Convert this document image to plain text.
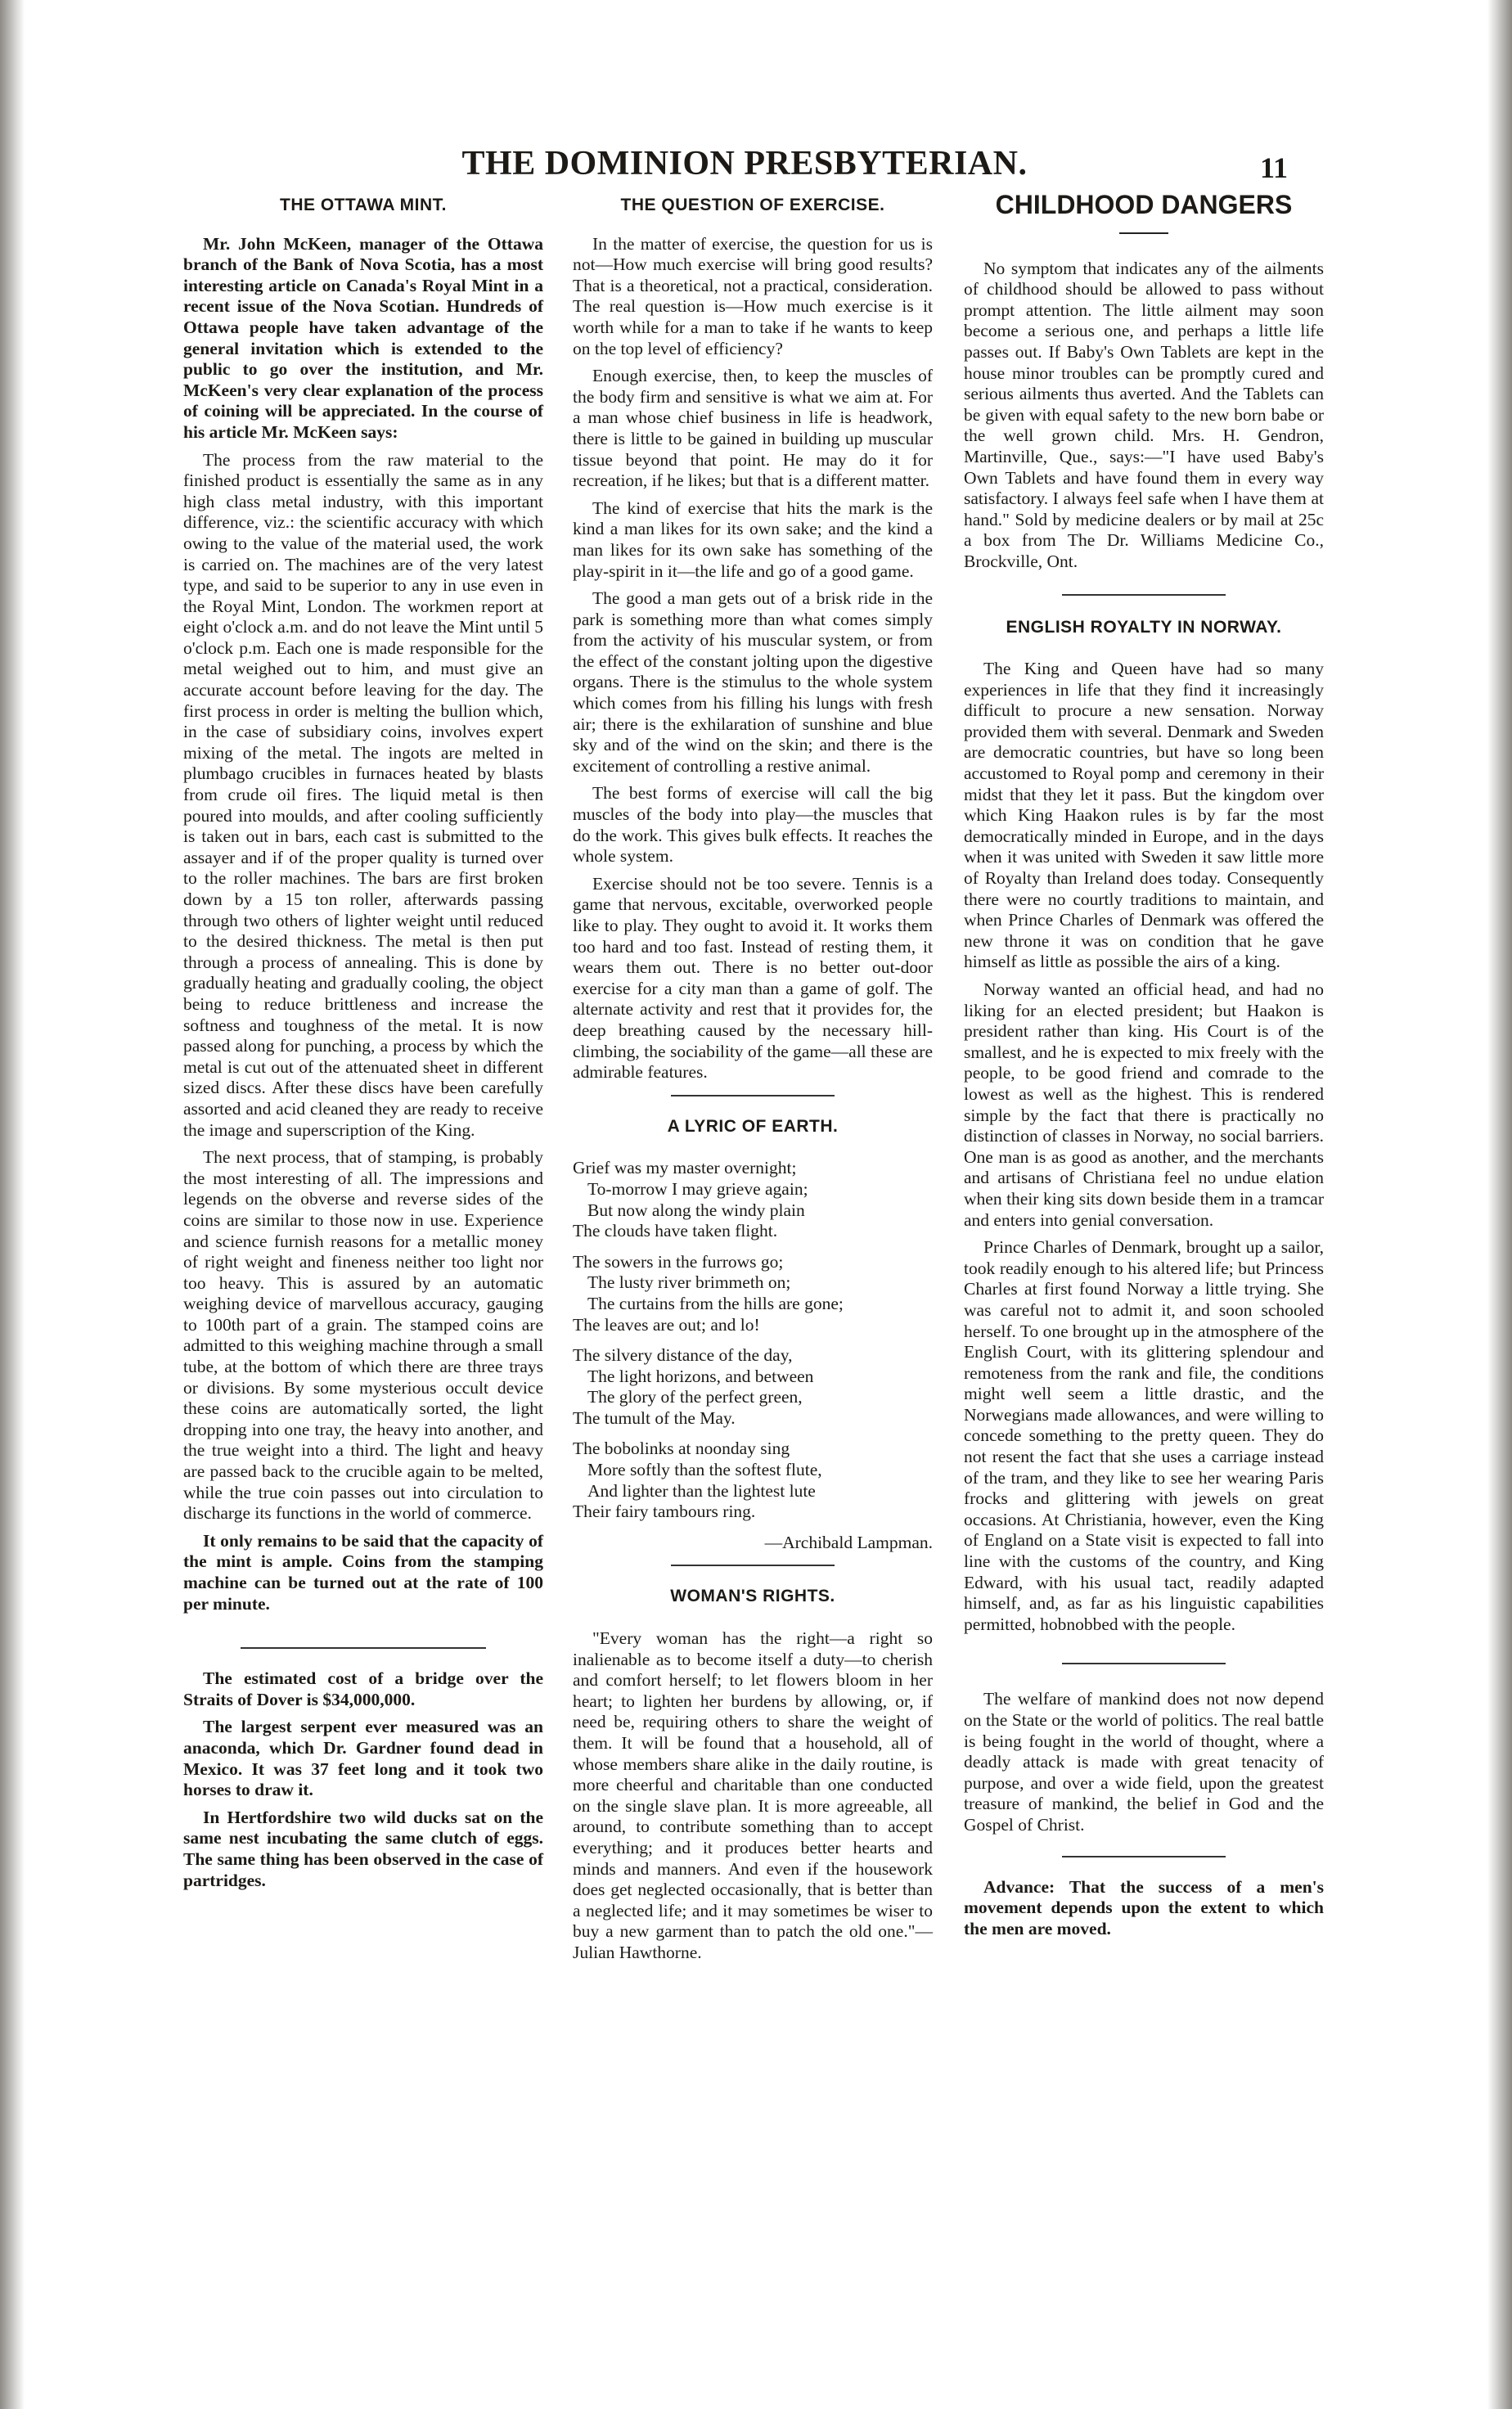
THE DOMINION PRESBYTERIAN.	11
THE OTTAWA MINT.

Mr. John McKeen, manager of the Ottawa branch of the Bank of Nova Scotia, has a most interesting article on Canada's Royal Mint in a recent issue of the Nova Scotian. Hundreds of Ottawa people have taken advantage of the general invitation which is extended to the public to go over the institution, and Mr. McKeen's very clear explanation of the process of coining will be appreciated. In the course of his article Mr. McKeen says:

The process from the raw material to the finished product is essentially the same as in any high class metal industry, with this important difference, viz.: the scientific accuracy with which owing to the value of the material used, the work is carried on. The machines are of the very latest type, and said to be superior to any in use even in the Royal Mint, London. The workmen report at eight o'clock a.m. and do not leave the Mint until 5 o'clock p.m. Each one is made responsible for the metal weighed out to him, and must give an accurate account before leaving for the day. The first process in order is melting the bullion which, in the case of subsidiary coins, involves expert mixing of the metal. The ingots are melted in plumbago crucibles in furnaces heated by blasts from crude oil fires. The liquid metal is then poured into moulds, and after cooling sufficiently is taken out in bars, each cast is submitted to the assayer and if of the proper quality is turned over to the roller machines. The bars are first broken down by a 15 ton roller, afterwards passing through two others of lighter weight until reduced to the desired thickness. The metal is then put through a process of annealing. This is done by gradually heating and gradually cooling, the object being to reduce brittleness and increase the softness and toughness of the metal. It is now passed along for punching, a process by which the metal is cut out of the attenuated sheet in different sized discs. After these discs have been carefully assorted and acid cleaned they are ready to receive the image and superscription of the King.

The next process, that of stamping, is probably the most interesting of all. The impressions and legends on the obverse and reverse sides of the coins are similar to those now in use. Experience and science furnish reasons for a metallic money of right weight and fineness neither too light nor too heavy. This is assured by an automatic weighing device of marvellous accuracy, gauging to 100th part of a grain. The stamped coins are admitted to this weighing machine through a small tube, at the bottom of which there are three trays or divisions. By some mysterious occult device these coins are automatically sorted, the light dropping into one tray, the heavy into another, and the true weight into a third. The light and heavy are passed back to the crucible again to be melted, while the true coin passes out into circulation to discharge its functions in the world of commerce.

It only remains to be said that the capacity of the mint is ample. Coins from the stamping machine can be turned out at the rate of 100 per minute.

The estimated cost of a bridge over the Straits of Dover is $34,000,000.

The largest serpent ever measured was an anaconda, which Dr. Gardner found dead in Mexico. It was 37 feet long and it took two horses to draw it.

In Hertfordshire two wild ducks sat on the same nest incubating the same clutch of eggs. The same thing has been observed in the case of partridges.

THE QUESTION OF EXERCISE.

In the matter of exercise, the question for us is not—How much exercise will bring good results? That is a theoretical, not a practical, consideration. The real question is—How much exercise is it worth while for a man to take if he wants to keep on the top level of efficiency?

Enough exercise, then, to keep the muscles of the body firm and sensitive is what we aim at. For a man whose chief business in life is headwork, there is little to be gained in building up muscular tissue beyond that point. He may do it for recreation, if he likes; but that is a different matter.

The kind of exercise that hits the mark is the kind a man likes for its own sake; and the kind a man likes for its own sake has something of the play-spirit in it—the life and go of a good game.

The good a man gets out of a brisk ride in the park is something more than what comes simply from the activity of his muscular system, or from the effect of the constant jolting upon the digestive organs. There is the stimulus to the whole system which comes from his filling his lungs with fresh air; there is the exhilaration of sunshine and blue sky and of the wind on the skin; and there is the excitement of controlling a restive animal.

The best forms of exercise will call the big muscles of the body into play—the muscles that do the work. This gives bulk effects. It reaches the whole system.

Exercise should not be too severe. Tennis is a game that nervous, excitable, overworked people like to play. They ought to avoid it. It works them too hard and too fast. Instead of resting them, it wears them out. There is no better out-door exercise for a city man than a game of golf. The alternate activity and rest that it provides for, the deep breathing caused by the necessary hill-climbing, the sociability of the game—all these are admirable features.

A LYRIC OF EARTH.
Grief was my master overnight;
To-morrow I may grieve again;
But now along the windy plain
The clouds have taken flight.
The sowers in the furrows go;
The lusty river brimmeth on;
The curtains from the hills are gone;
The leaves are out; and lo!
The silvery distance of the day,
The light horizons, and between
The glory of the perfect green,
The tumult of the May.
The bobolinks at noonday sing
More softly than the softest flute,
And lighter than the lightest lute
Their fairy tambours ring.

—Archibald Lampman.

WOMAN'S RIGHTS.

"Every woman has the right—a right so inalienable as to become itself a duty—to cherish and comfort herself; to let flowers bloom in her heart; to lighten her burdens by allowing, or, if need be, requiring others to share the weight of them. It will be found that a household, all of whose members share alike in the daily routine, is more cheerful and charitable than one conducted on the single slave plan. It is more agreeable, all around, to contribute something than to accept everything; and it produces better hearts and minds and manners. And even if the housework does get neglected occasionally, that is better than a neglected life; and it may sometimes be wiser to buy a new garment than to patch the old one."—Julian Hawthorne.

CHILDHOOD DANGERS

No symptom that indicates any of the ailments of childhood should be allowed to pass without prompt attention. The little ailment may soon become a serious one, and perhaps a little life passes out. If Baby's Own Tablets are kept in the house minor troubles can be promptly cured and serious ailments thus averted. And the Tablets can be given with equal safety to the new born babe or the well grown child. Mrs. H. Gendron, Martinville, Que., says:—"I have used Baby's Own Tablets and have found them in every way satisfactory. I always feel safe when I have them at hand." Sold by medicine dealers or by mail at 25c a box from The Dr. Williams Medicine Co., Brockville, Ont.

ENGLISH ROYALTY IN NORWAY.

The King and Queen have had so many experiences in life that they find it increasingly difficult to procure a new sensation. Norway provided them with several. Denmark and Sweden are democratic countries, but have so long been accustomed to Royal pomp and ceremony in their midst that they let it pass. But the kingdom over which King Haakon rules is by far the most democratically minded in Europe, and in the days when it was united with Sweden it saw little more of Royalty than Ireland does today. Consequently there were no courtly traditions to maintain, and when Prince Charles of Denmark was offered the new throne it was on condition that he gave himself as little as possible the airs of a king.

Norway wanted an official head, and had no liking for an elected president; but Haakon is president rather than king. His Court is of the smallest, and he is expected to mix freely with the people, to be good friend and comrade to the lowest as well as the highest. This is rendered simple by the fact that there is practically no distinction of classes in Norway, no social barriers. One man is as good as another, and the merchants and artisans of Christiana feel no undue elation when their king sits down beside them in a tramcar and enters into genial conversation.

Prince Charles of Denmark, brought up a sailor, took readily enough to his altered life; but Princess Charles at first found Norway a little trying. She was careful not to admit it, and soon schooled herself. To one brought up in the atmosphere of the English Court, with its glittering splendour and remoteness from the rank and file, the conditions might well seem a little drastic, and the Norwegians made allowances, and were willing to concede something to the pretty queen. They do not resent the fact that she uses a carriage instead of the tram, and they like to see her wearing Paris frocks and glittering with jewels on great occasions. At Christiania, however, even the King of England on a State visit is expected to fall into line with the customs of the country, and King Edward, with his usual tact, readily adapted himself, and, as far as his linguistic capabilities permitted, hobnobbed with the people.

The welfare of mankind does not now depend on the State or the world of politics. The real battle is being fought in the world of thought, where a deadly attack is made with great tenacity of purpose, and over a wide field, upon the greatest treasure of mankind, the belief in God and the Gospel of Christ.

Advance: That the success of a men's movement depends upon the extent to which the men are moved.
